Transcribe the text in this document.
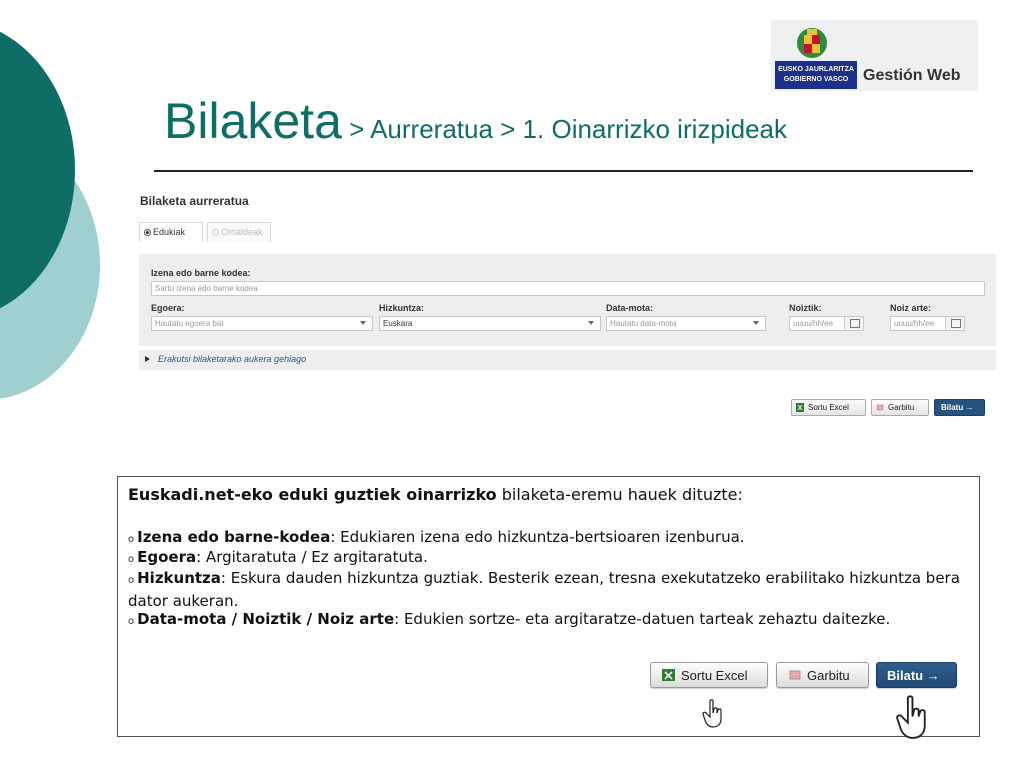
EUSKO JAURLARITZA
GOBIERNO VASCO Gestión Web
Bilaketa > Aurreratua > 1. Oinarrizko irizpideak
Bilaketa aurreratua
Edukiak	Orrialdeak
Izena edo barne kodea:
Sartu izena edo barne kodea
Egoera:
Hautatu egoera bat
Hizkuntza:
Euskara
Data-mota:
Hautatu data-mota
Noiztik:
uuuu/hh/ee
Noiz arte:
uuuu/hh/ee
Erakutsi bilaketarako aukera gehiago
Sortu Excel	Garbitu	Bilatu →

Euskadi.net-eko eduki guztiek oinarrizko bilaketa-eremu hauek dituzte:

o Izena edo barne-kodea: Edukiaren izena edo hizkuntza-bertsioaren izenburua.

o Egoera: Argitaratuta / Ez argitaratuta.

o Hizkuntza: Eskura dauden hizkuntza guztiak. Besterik ezean, tresna exekutatzeko erabilitako hizkuntza bera dator aukeran.

o Data-mota / Noiztik / Noiz arte: Edukien sortze- eta argitaratze-datuen tarteak zehaztu daitezke.

Sortu Excel	Garbitu	Bilatu →
